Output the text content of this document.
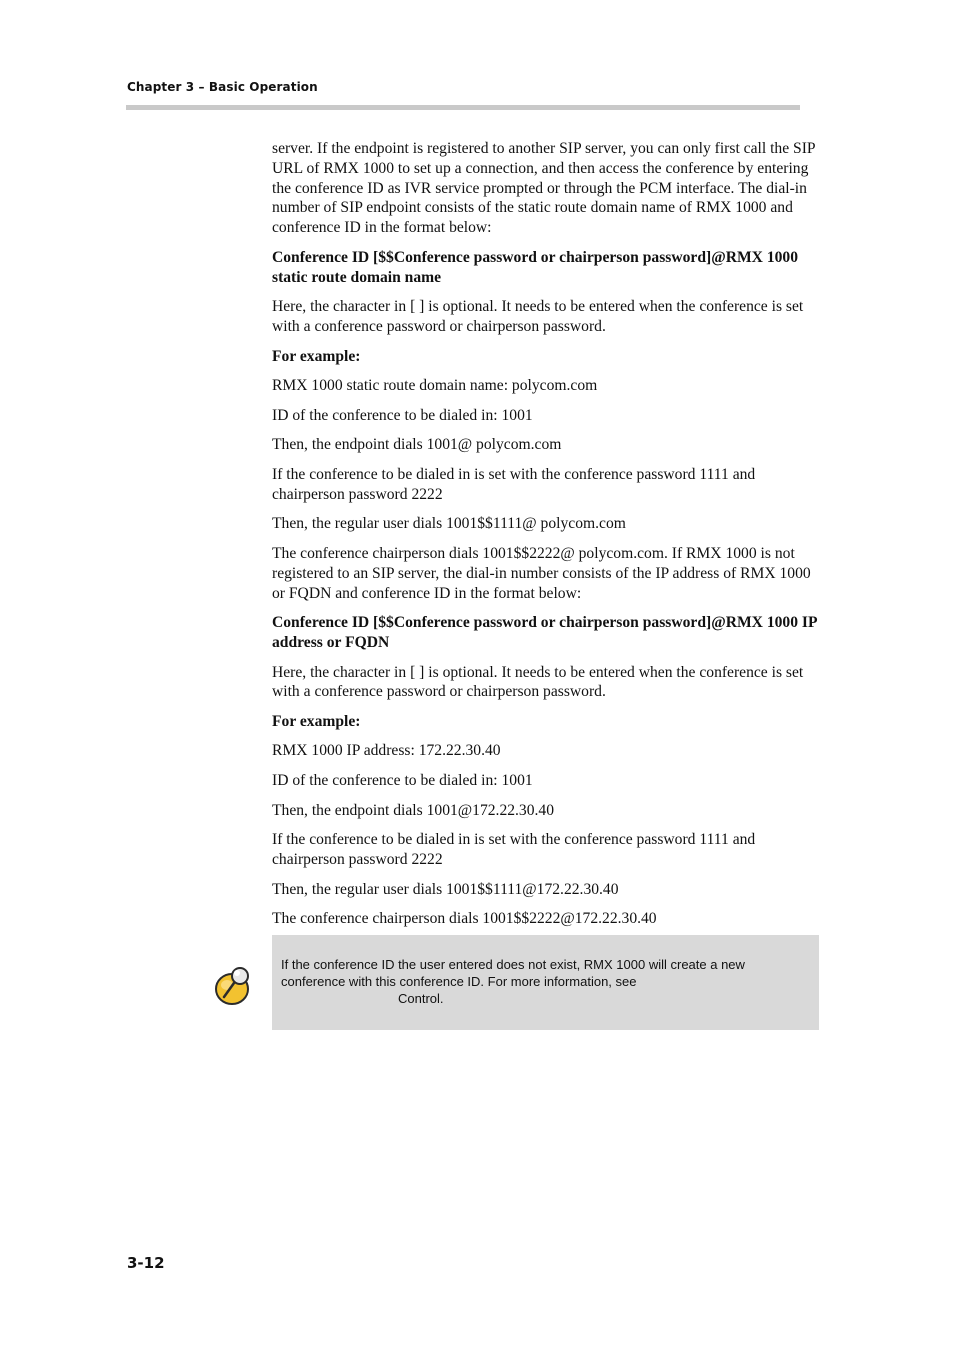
Chapter 3 – Basic Operation

server. If the endpoint is registered to another SIP server, you can only first call the SIP URL of RMX 1000 to set up a connection, and then access the conference by entering the conference ID as IVR service prompted or through the PCM interface. The dial-in number of SIP endpoint consists of the static route domain name of RMX 1000 and conference ID in the format below:

Conference ID [$$Conference password or chairperson password]@RMX 1000 static route domain name

Here, the character in [ ] is optional. It needs to be entered when the conference is set with a conference password or chairperson password.

For example:

RMX 1000 static route domain name: polycom.com

ID of the conference to be dialed in: 1001

Then, the endpoint dials 1001@ polycom.com

If the conference to be dialed in is set with the conference password 1111 and chairperson password 2222

Then, the regular user dials 1001$$1111@ polycom.com

The conference chairperson dials 1001$$2222@ polycom.com. If RMX 1000 is not registered to an SIP server, the dial-in number consists of the IP address of RMX 1000 or FQDN and conference ID in the format below:

Conference ID [$$Conference password or chairperson password]@RMX 1000 IP address or FQDN

Here, the character in [ ] is optional. It needs to be entered when the conference is set with a conference password or chairperson password.

For example:

RMX 1000 IP address: 172.22.30.40

ID of the conference to be dialed in: 1001

Then, the endpoint dials 1001@172.22.30.40

If the conference to be dialed in is set with the conference password 1111 and chairperson password 2222

Then, the regular user dials 1001$$1111@172.22.30.40

The conference chairperson dials 1001$$2222@172.22.30.40

If the conference ID the user entered does not exist, RMX 1000 will create a new
conference with this conference ID. For more information, see
Control.
3-12
